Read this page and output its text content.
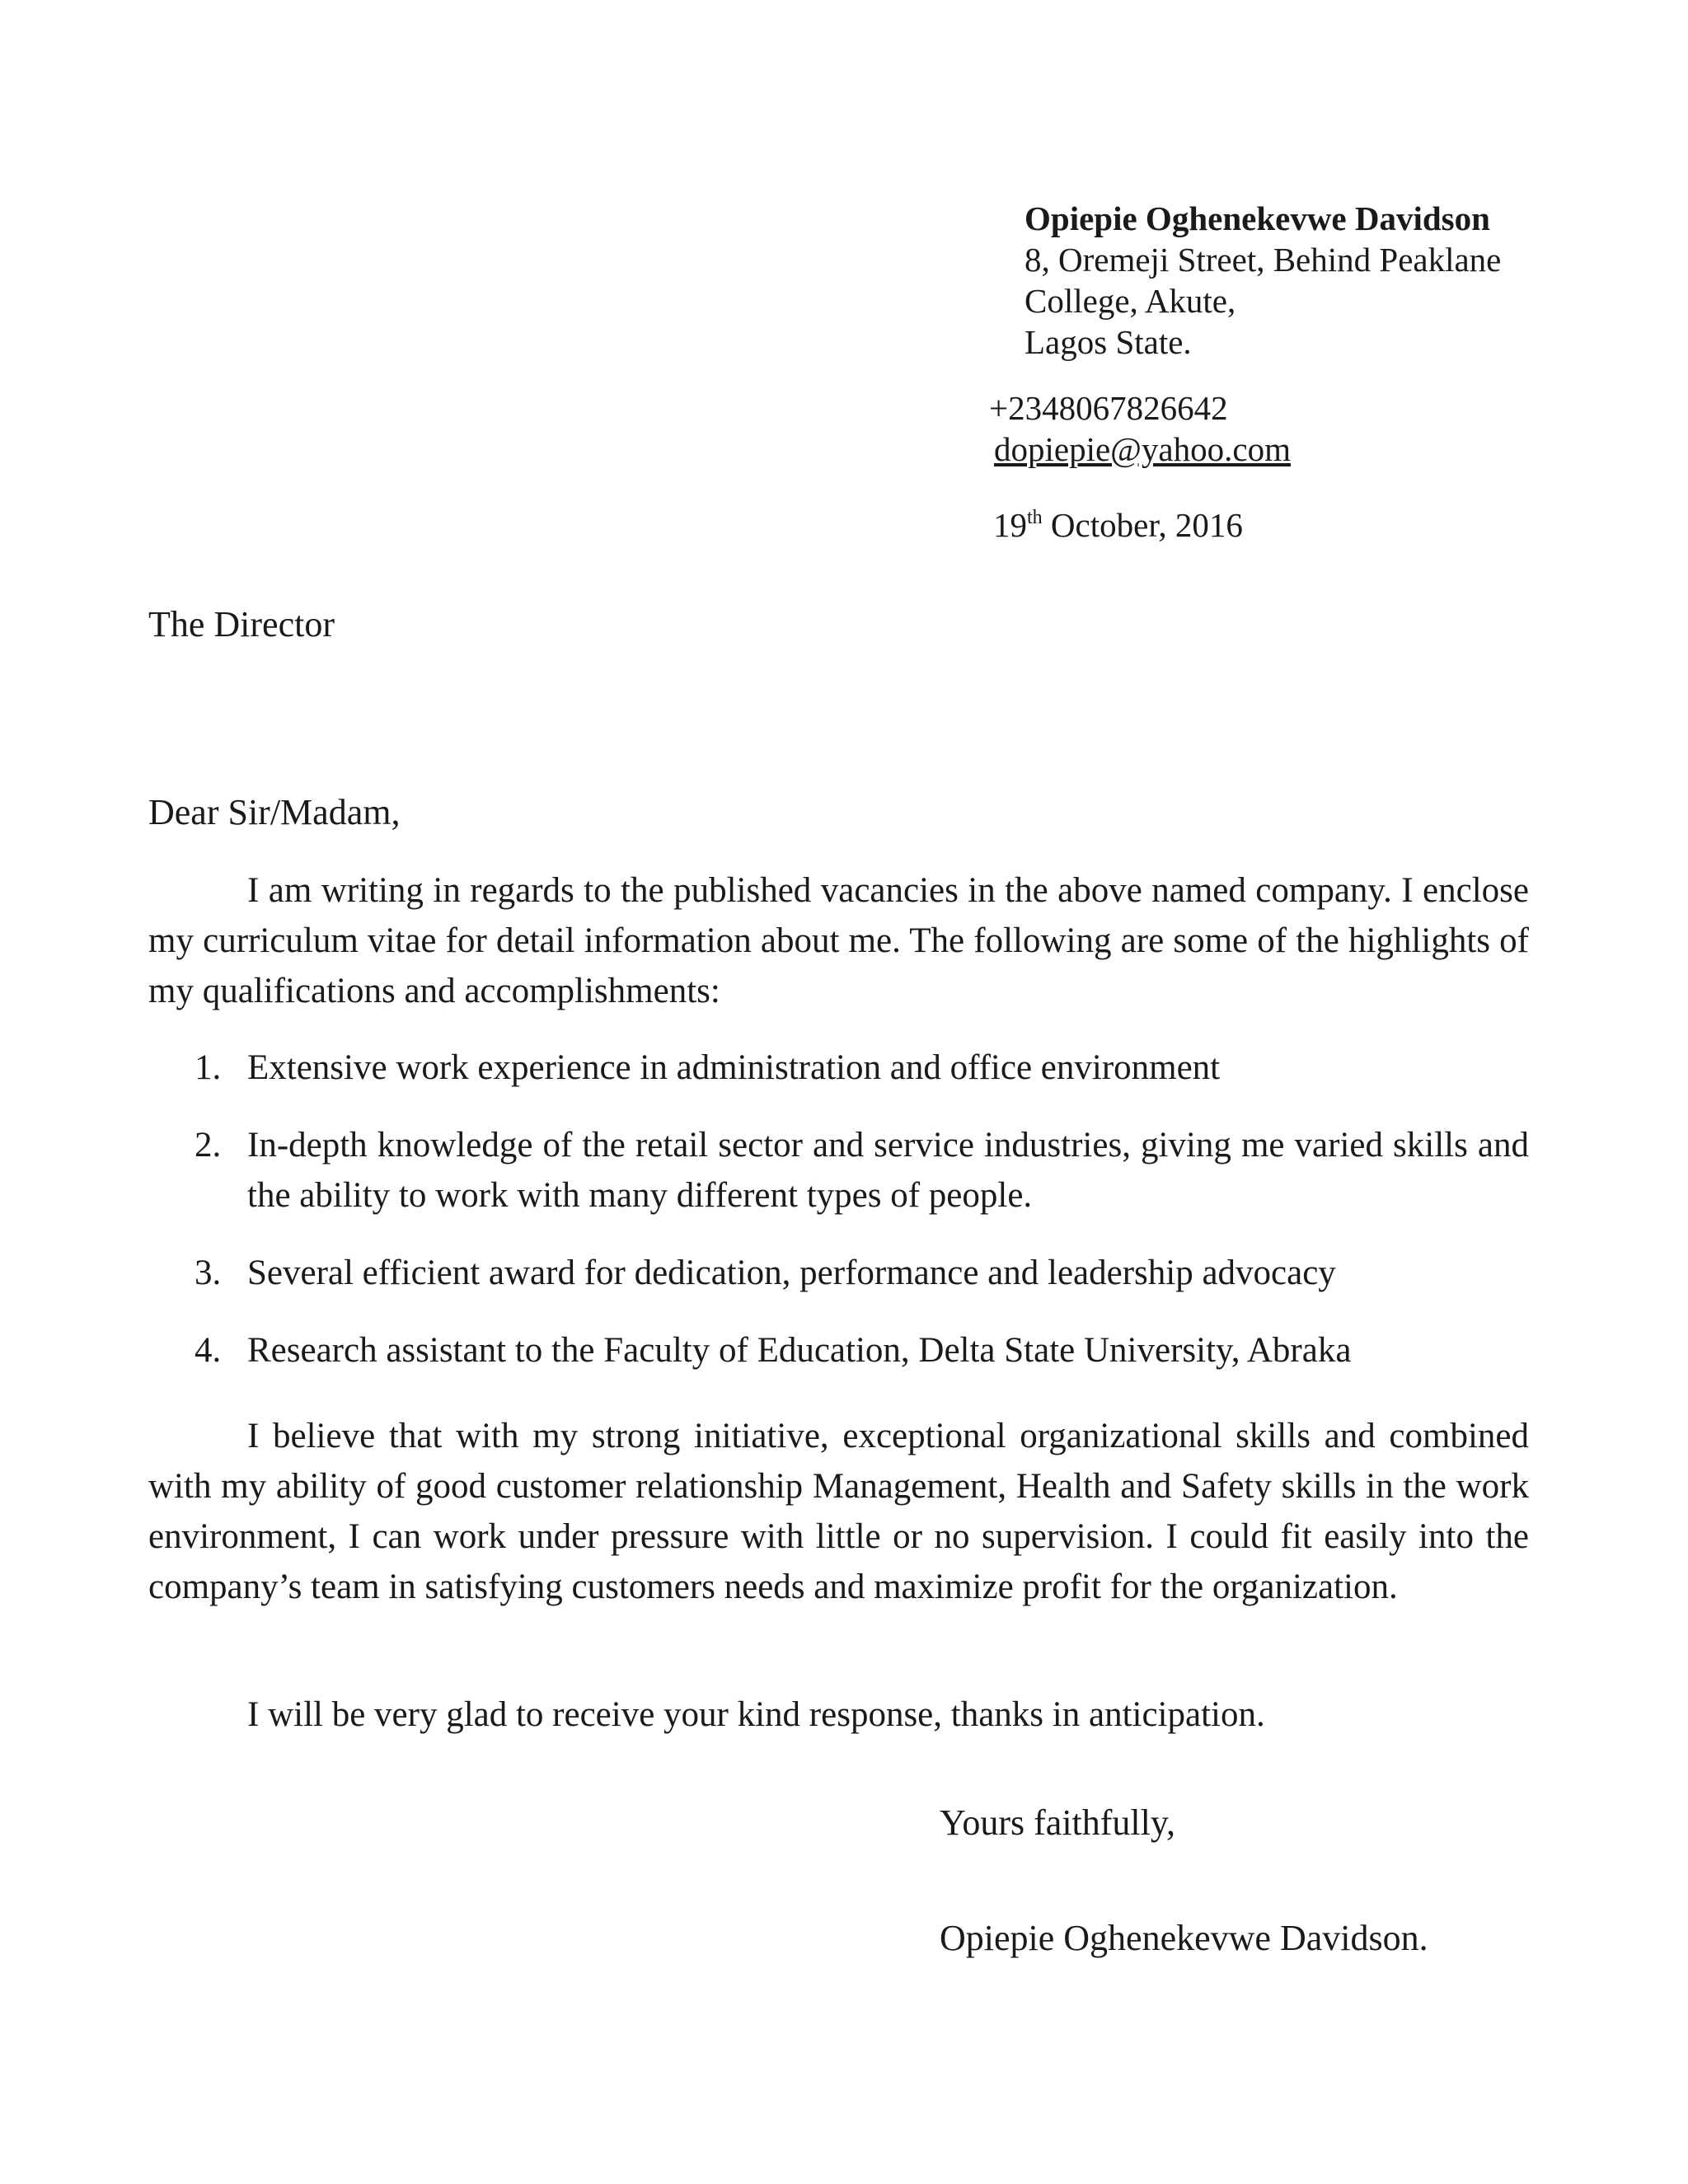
Opiepie Oghenekevwe Davidson
8, Oremeji Street, Behind Peaklane
College, Akute,
Lagos State.
+2348067826642
dopiepie@yahoo.com
19th October, 2016
The Director
Dear Sir/Madam,
I am writing in regards to the published vacancies in the above named company. I enclose my curriculum vitae for detail information about me. The following are some of the highlights of my qualifications and accomplishments:
1. Extensive work experience in administration and office environment
2. In-depth knowledge of the retail sector and service industries, giving me varied skills and the ability to work with many different types of people.
3. Several efficient award for dedication, performance and leadership advocacy
4. Research assistant to the Faculty of Education, Delta State University, Abraka
I believe that with my strong initiative, exceptional organizational skills and combined with my ability of good customer relationship Management, Health and Safety skills in the work environment, I can work under pressure with little or no supervision. I could fit easily into the company’s team in satisfying customers needs and maximize profit for the organization.
I will be very glad to receive your kind response, thanks in anticipation.
Yours faithfully,
Opiepie Oghenekevwe Davidson.
